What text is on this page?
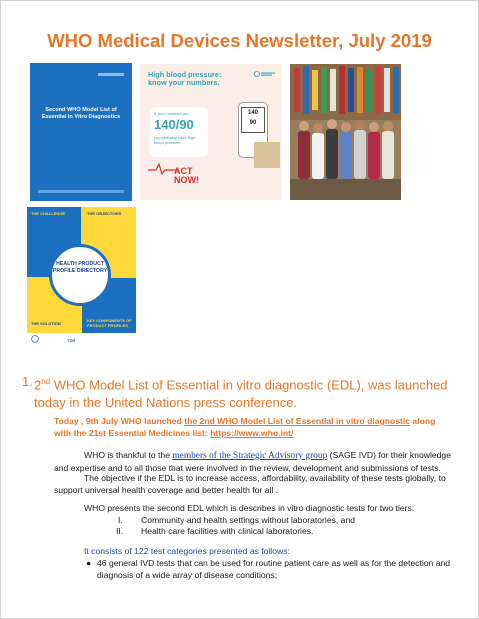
WHO Medical Devices Newsletter, July 2019
Second WHO Model List of Essential In Vitro Diagnostics
High blood pressure:
know your numbers.
If your numbers are
140/90
you probably have high blood pressure.
ACT
NOW!
140
90
THE CHALLENGE	THE OBJECTIVES
THE SOLUTION
KEY COMPONENTS OF PRODUCT PROFILES
HEALTH PRODUCT
PROFILE DIRECTORY
TDR
1. 2nd WHO Model List of Essential in vitro diagnostic (EDL), was launched today in the United Nations press conference.
Today , 9th July WHO launched the 2nd WHO Model List of Essential in vitro diagnostic along with the 21st Essential Medicines list: https://www.who.int/
WHO is thankful to the members of the Strategic Advisory group (SAGE IVD) for their knowledge and expertise and to all those that were involved in the review, development and submissions of tests.
The objective if the EDL is to increase access, affordability, availability of these tests globally, to support universal health coverage and better health for all .
WHO presents the second EDL which is describes in vitro diagnostic tests for two tiers:
I. Community and health settings without laboratories, and
II. Health care facilities with clinical laboratories.
It consists of 122 test categories presented as follows:
● 46 general IVD tests that can be used for routine patient care as well as for the detection and diagnosis of a wide array of disease conditions;
